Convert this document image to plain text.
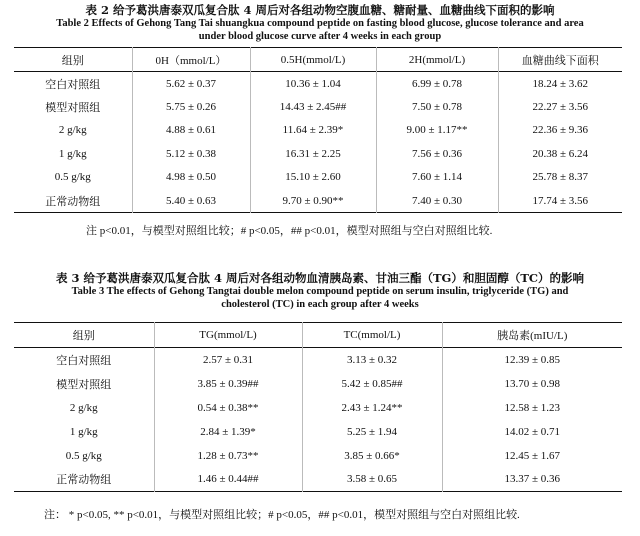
表 2 给予葛洪唐泰双瓜复合肽 4 周后对各组动物空腹血糖、糖耐量、血糖曲线下面积的影响
Table 2 Effects of Gehong Tang Tai shuangkua compound peptide on fasting blood glucose, glucose tolerance and area
under blood glucose curve after 4 weeks in each group
组别	0H（mmol/L）	0.5H(mmol/L)	2H(mmol/L)	血糖曲线下面积
空白对照组	5.62 ± 0.37	10.36 ± 1.04	6.99 ± 0.78	18.24 ± 3.62
模型对照组	5.75 ± 0.26	14.43 ± 2.45##	7.50 ± 0.78	22.27 ± 3.56
2 g/kg	4.88 ± 0.61	11.64 ± 2.39*	9.00 ± 1.17**	22.36 ± 9.36
1 g/kg	5.12 ± 0.38	16.31 ± 2.25	7.56 ± 0.36	20.38 ± 6.24
0.5 g/kg	4.98 ± 0.50	15.10 ± 2.60	7.60 ± 1.14	25.78 ± 8.37
正常动物组	5.40 ± 0.63	9.70 ± 0.90**	7.40 ± 0.30	17.74 ± 3.56
注 p<0.01，与模型对照组比较；# p<0.05，## p<0.01，模型对照组与空白对照组比较.
表 3 给予葛洪唐泰双瓜复合肽 4 周后对各组动物血清胰岛素、甘油三酯（TG）和胆固醇（TC）的影响
Table 3 The effects of Gehong Tangtai double melon compound peptide on serum insulin, triglyceride (TG) and
cholesterol (TC) in each group after 4 weeks
组别	TG(mmol/L)	TC(mmol/L)	胰岛素(mIU/L)
空白对照组	2.57 ± 0.31	3.13 ± 0.32	12.39 ± 0.85
模型对照组	3.85 ± 0.39##	5.42 ± 0.85##	13.70 ± 0.98
2 g/kg	0.54 ± 0.38**	2.43 ± 1.24**	12.58 ± 1.23
1 g/kg	2.84 ± 1.39*	5.25 ± 1.94	14.02 ± 0.71
0.5 g/kg	1.28 ± 0.73**	3.85 ± 0.66*	12.45 ± 1.67
正常动物组	1.46 ± 0.44##	3.58 ± 0.65	13.37 ± 0.36
注： * p<0.05, ** p<0.01，与模型对照组比较；# p<0.05，## p<0.01，模型对照组与空白对照组比较.
